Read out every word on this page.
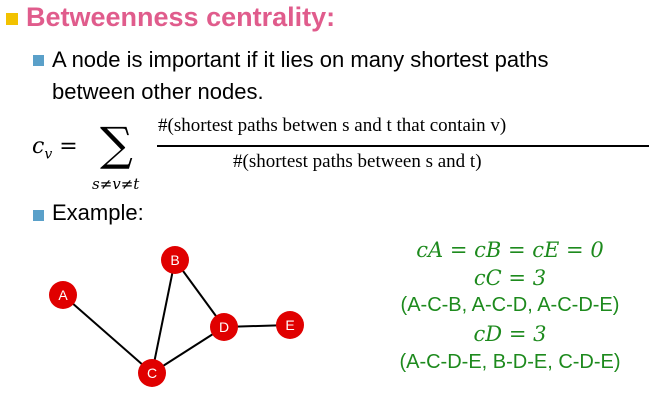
Betweenness centrality:
A node is important if it lies on many shortest paths between other nodes.
$c_v$ = ∑
s≠v≠t
#(shortest paths betwen s and t that contain v)
#(shortest paths between s and t)
Example:
A
B
C
D	E
cA = cB = cE = 0
cC = 3
(A-C-B, A-C-D, A-C-D-E)
cD = 3
(A-C-D-E, B-D-E, C-D-E)
